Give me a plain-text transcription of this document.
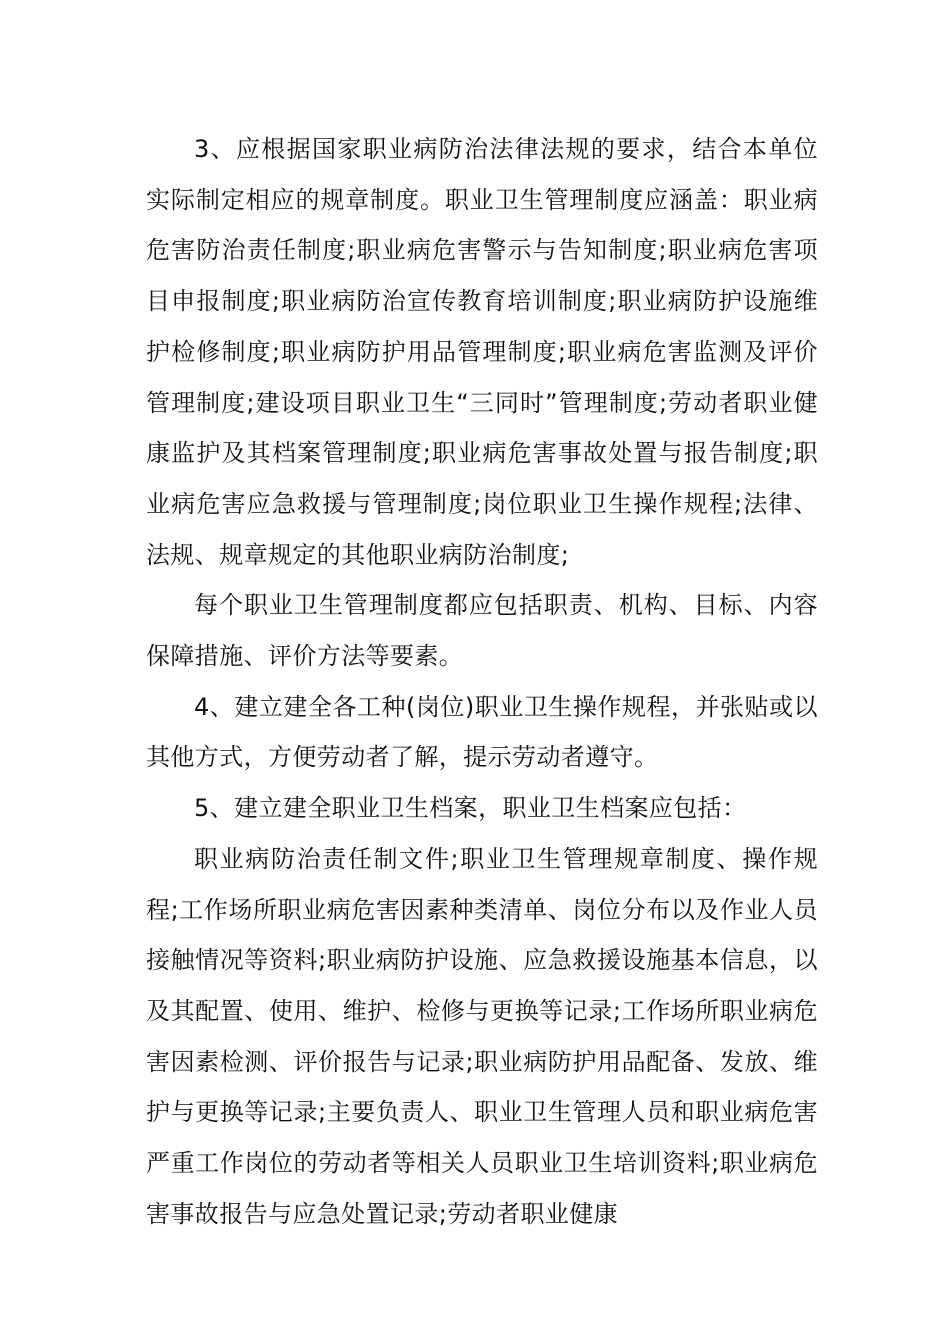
3、应根据国家职业病防治法律法规的要求，结合本单位实际制定相应的规章制度。职业卫生管理制度应涵盖：职业病危害防治责任制度;职业病危害警示与告知制度;职业病危害项目申报制度;职业病防治宣传教育培训制度;职业病防护设施维护检修制度;职业病防护用品管理制度;职业病危害监测及评价管理制度;建设项目职业卫生“三同时”管理制度;劳动者职业健康监护及其档案管理制度;职业病危害事故处置与报告制度;职业病危害应急救援与管理制度;岗位职业卫生操作规程;法律、法规、规章规定的其他职业病防治制度;

每个职业卫生管理制度都应包括职责、机构、目标、内容保障措施、评价方法等要素。

4、建立建全各工种(岗位)职业卫生操作规程，并张贴或以其他方式，方便劳动者了解，提示劳动者遵守。

5、建立建全职业卫生档案，职业卫生档案应包括：

职业病防治责任制文件;职业卫生管理规章制度、操作规程;工作场所职业病危害因素种类清单、岗位分布以及作业人员接触情况等资料;职业病防护设施、应急救援设施基本信息，以及其配置、使用、维护、检修与更换等记录;工作场所职业病危害因素检测、评价报告与记录;职业病防护用品配备、发放、维护与更换等记录;主要负责人、职业卫生管理人员和职业病危害严重工作岗位的劳动者等相关人员职业卫生培训资料;职业病危害事故报告与应急处置记录;劳动者职业健康
